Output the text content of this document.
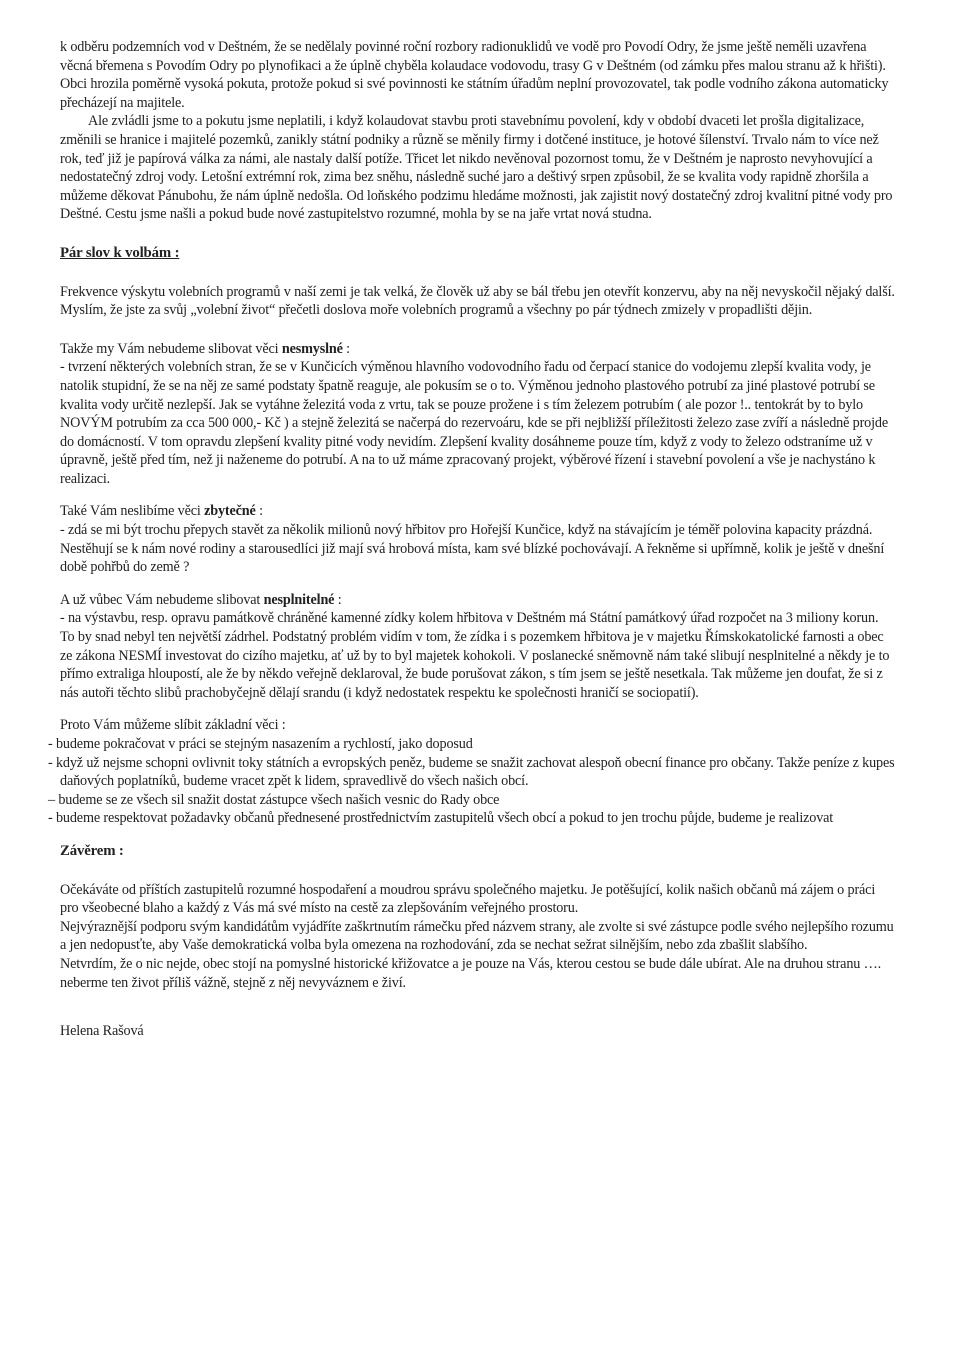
k odběru podzemních vod v Deštném, že se nedělaly povinné roční rozbory radionuklidů ve vodě pro Povodí Odry, že jsme ještě neměli uzavřena věcná břemena s Povodím Odry po plynofikaci a že úplně chyběla kolaudace vodovodu, trasy G v Deštném (od zámku přes malou stranu až k hřišti). Obci hrozila poměrně vysoká pokuta, protože pokud si své povinnosti ke státním úřadům neplní provozovatel, tak podle vodního zákona automaticky přecházejí na majitele.

Ale zvládli jsme to a pokutu jsme neplatili, i když kolaudovat stavbu proti stavebnímu povolení, kdy v období dvaceti let prošla digitalizace, změnili se hranice i majitelé pozemků, zanikly státní podniky a různě se měnily firmy i dotčené instituce, je hotové šílenství. Trvalo nám to více než rok, teď již je papírová válka za námi, ale nastaly další potíže. Třicet let nikdo nevěnoval pozornost tomu, že v Deštném je naprosto nevyhovující a nedostatečný zdroj vody. Letošní extrémní rok, zima bez sněhu, následně suché jaro a deštivý srpen způsobil, že se kvalita vody rapidně zhoršila a můžeme děkovat Pánubohu, že nám úplně nedošla. Od loňského podzimu hledáme možnosti, jak zajistit nový dostatečný zdroj kvalitní pitné vody pro Deštné. Cestu jsme našli a pokud bude nové zastupitelstvo rozumné, mohla by se na jaře vrtat nová studna.

Pár slov k volbám :

Frekvence výskytu volebních programů v naší zemi je tak velká, že člověk už aby se bál třebu jen otevřít konzervu, aby na něj nevyskočil nějaký další. Myslím, že jste za svůj „volební život“ přečetli doslova moře volebních programů a všechny po pár týdnech zmizely v propadlišti dějin.

Takže my Vám nebudeme slibovat věci nesmyslné :

- tvrzení některých volebních stran, že se v Kunčicích výměnou hlavního vodovodního řadu od čerpací stanice do vodojemu zlepší kvalita vody, je natolik stupidní, že se na něj ze samé podstaty špatně reaguje, ale pokusím se o to. Výměnou jednoho plastového potrubí za jiné plastové potrubí se kvalita vody určitě nezlepší. Jak se vytáhne železitá voda z vrtu, tak se pouze prožene i s tím železem potrubím ( ale pozor !.. tentokrát by to bylo NOVÝM potrubím za cca 500 000,- Kč ) a stejně železitá se načerpá do rezervoáru, kde se při nejbližší příležitosti železo zase zvíří a následně projde do domácností. V tom opravdu zlepšení kvality pitné vody nevidím. Zlepšení kvality dosáhneme pouze tím, když z vody to železo odstraníme už v úpravně, ještě před tím, než ji naženeme do potrubí. A na to už máme zpracovaný projekt, výběrové řízení i stavební povolení a vše je nachystáno k realizaci.

Také Vám neslibíme věci zbytečné :

- zdá se mi být trochu přepych stavět za několik milionů nový hřbitov pro Hořejší Kunčice, když na stávajícím je téměř polovina kapacity prázdná. Nestěhují se k nám nové rodiny a starousedlíci již mají svá hrobová místa, kam své blízké pochovávají. A řekněme si upřímně, kolik je ještě v dnešní době pohřbů do země ?

A už vůbec Vám nebudeme slibovat nesplnitelné :

- na výstavbu, resp. opravu památkově chráněné kamenné zídky kolem hřbitova v Deštném má Státní památkový úřad rozpočet na 3 miliony korun. To by snad nebyl ten největší zádrhel. Podstatný problém vidím v tom, že zídka i s pozemkem hřbitova je v majetku Římskokatolické farnosti a obec ze zákona NESMÍ investovat do cizího majetku, ať už by to byl majetek kohokoli. V poslanecké sněmovně nám také slibují nesplnitelné a někdy je to přímo extraliga hloupostí, ale že by někdo veřejně deklaroval, že bude porušovat zákon, s tím jsem se ještě nesetkala. Tak můžeme jen doufat, že si z nás autoři těchto slibů prachobyčejně dělají srandu (i když nedostatek respektu ke společnosti hraničí se sociopatií).

Proto Vám můžeme slíbit základní věci :

- budeme pokračovat v práci se stejným nasazením a rychlostí, jako doposud

- když už nejsme schopni ovlivnit toky státních a evropských peněz, budeme se snažit zachovat alespoň obecní finance pro občany. Takže peníze z kupes daňových poplatníků, budeme vracet zpět k lidem, spravedlivě do všech našich obcí.

– budeme se ze všech sil snažit dostat zástupce všech našich vesnic do Rady obce

- budeme respektovat požadavky občanů přednesené prostřednictvím zastupitelů všech obcí a pokud to jen trochu půjde, budeme je realizovat

Závěrem :

Očekáváte od příštích zastupitelů rozumné hospodaření a moudrou správu společného majetku. Je potěšující, kolik našich občanů má zájem o práci pro všeobecné blaho a každý z Vás má své místo na cestě za zlepšováním veřejného prostoru.

Nejvýraznější podporu svým kandidátům vyjádříte zaškrtnutím rámečku před názvem strany, ale zvolte si své zástupce podle svého nejlepšího rozumu a jen nedopusťte, aby Vaše demokratická volba byla omezena na rozhodování, zda se nechat sežrat silnějším, nebo zda zbašlit slabšího.

Netvrdím, že o nic nejde, obec stojí na pomyslné historické křižovatce a je pouze na Vás, kterou cestou se bude dále ubírat. Ale na druhou stranu …. neberme ten život příliš vážně, stejně z něj nevyváznem e živí.

Helena Rašová
